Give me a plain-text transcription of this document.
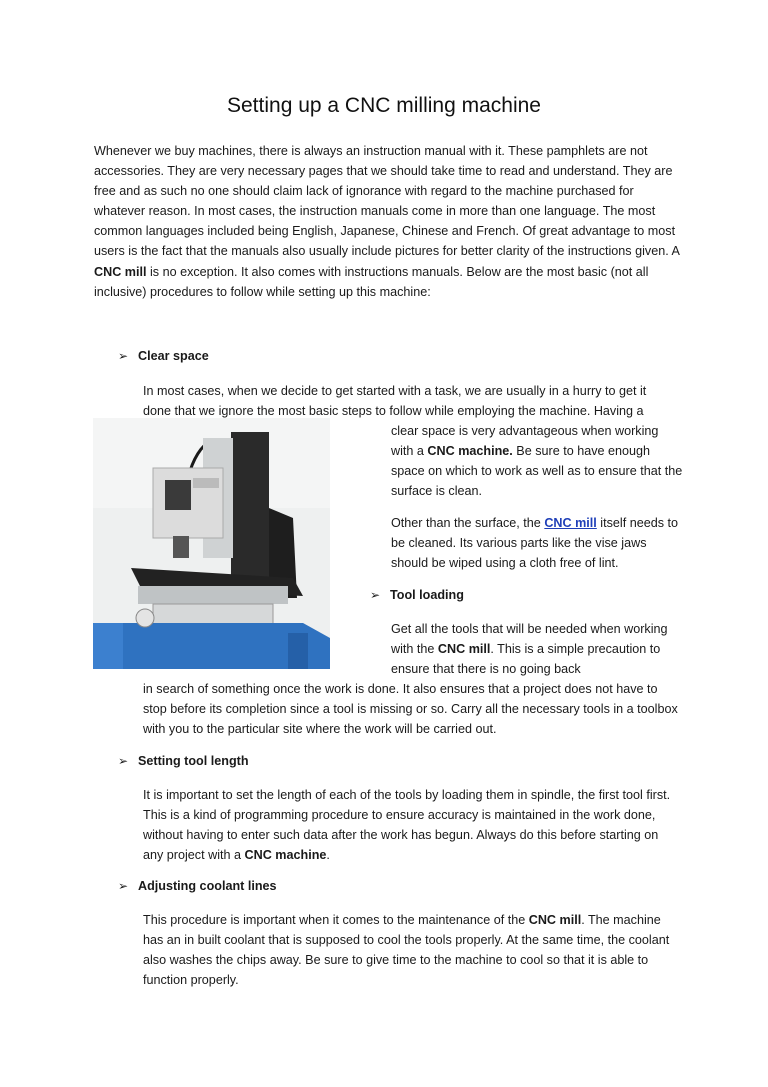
Setting up a CNC milling machine

Whenever we buy machines, there is always an instruction manual with it. These pamphlets are not accessories. They are very necessary pages that we should take time to read and understand. They are free and as such no one should claim lack of ignorance with regard to the machine purchased for whatever reason. In most cases, the instruction manuals come in more than one language. The most common languages included being English, Japanese, Chinese and French. Of great advantage to most users is the fact that the manuals also usually include pictures for better clarity of the instructions given. A CNC mill is no exception. It also comes with instructions manuals. Below are the most basic (not all inclusive) procedures to follow while setting up this machine:

➢ Clear space

In most cases, when we decide to get started with a task, we are usually in a hurry to get it done that we ignore the most basic steps to follow while employing the machine. Having a

clear space is very advantageous when working with a CNC machine. Be sure to have enough space on which to work as well as to ensure that the surface is clean.

Other than the surface, the CNC mill itself needs to be cleaned. Its various parts like the vise jaws should be wiped using a cloth free of lint.

➢ Tool loading

Get all the tools that will be needed when working with the CNC mill. This is a simple precaution to ensure that there is no going back

in search of something once the work is done. It also ensures that a project does not have to stop before its completion since a tool is missing or so. Carry all the necessary tools in a toolbox with you to the particular site where the work will be carried out.

➢ Setting tool length

It is important to set the length of each of the tools by loading them in spindle, the first tool first. This is a kind of programming procedure to ensure accuracy is maintained in the work done, without having to enter such data after the work has begun. Always do this before starting on any project with a CNC machine.

➢ Adjusting coolant lines

This procedure is important when it comes to the maintenance of the CNC mill. The machine has an in built coolant that is supposed to cool the tools properly. At the same time, the coolant also washes the chips away. Be sure to give time to the machine to cool so that it is able to function properly.
